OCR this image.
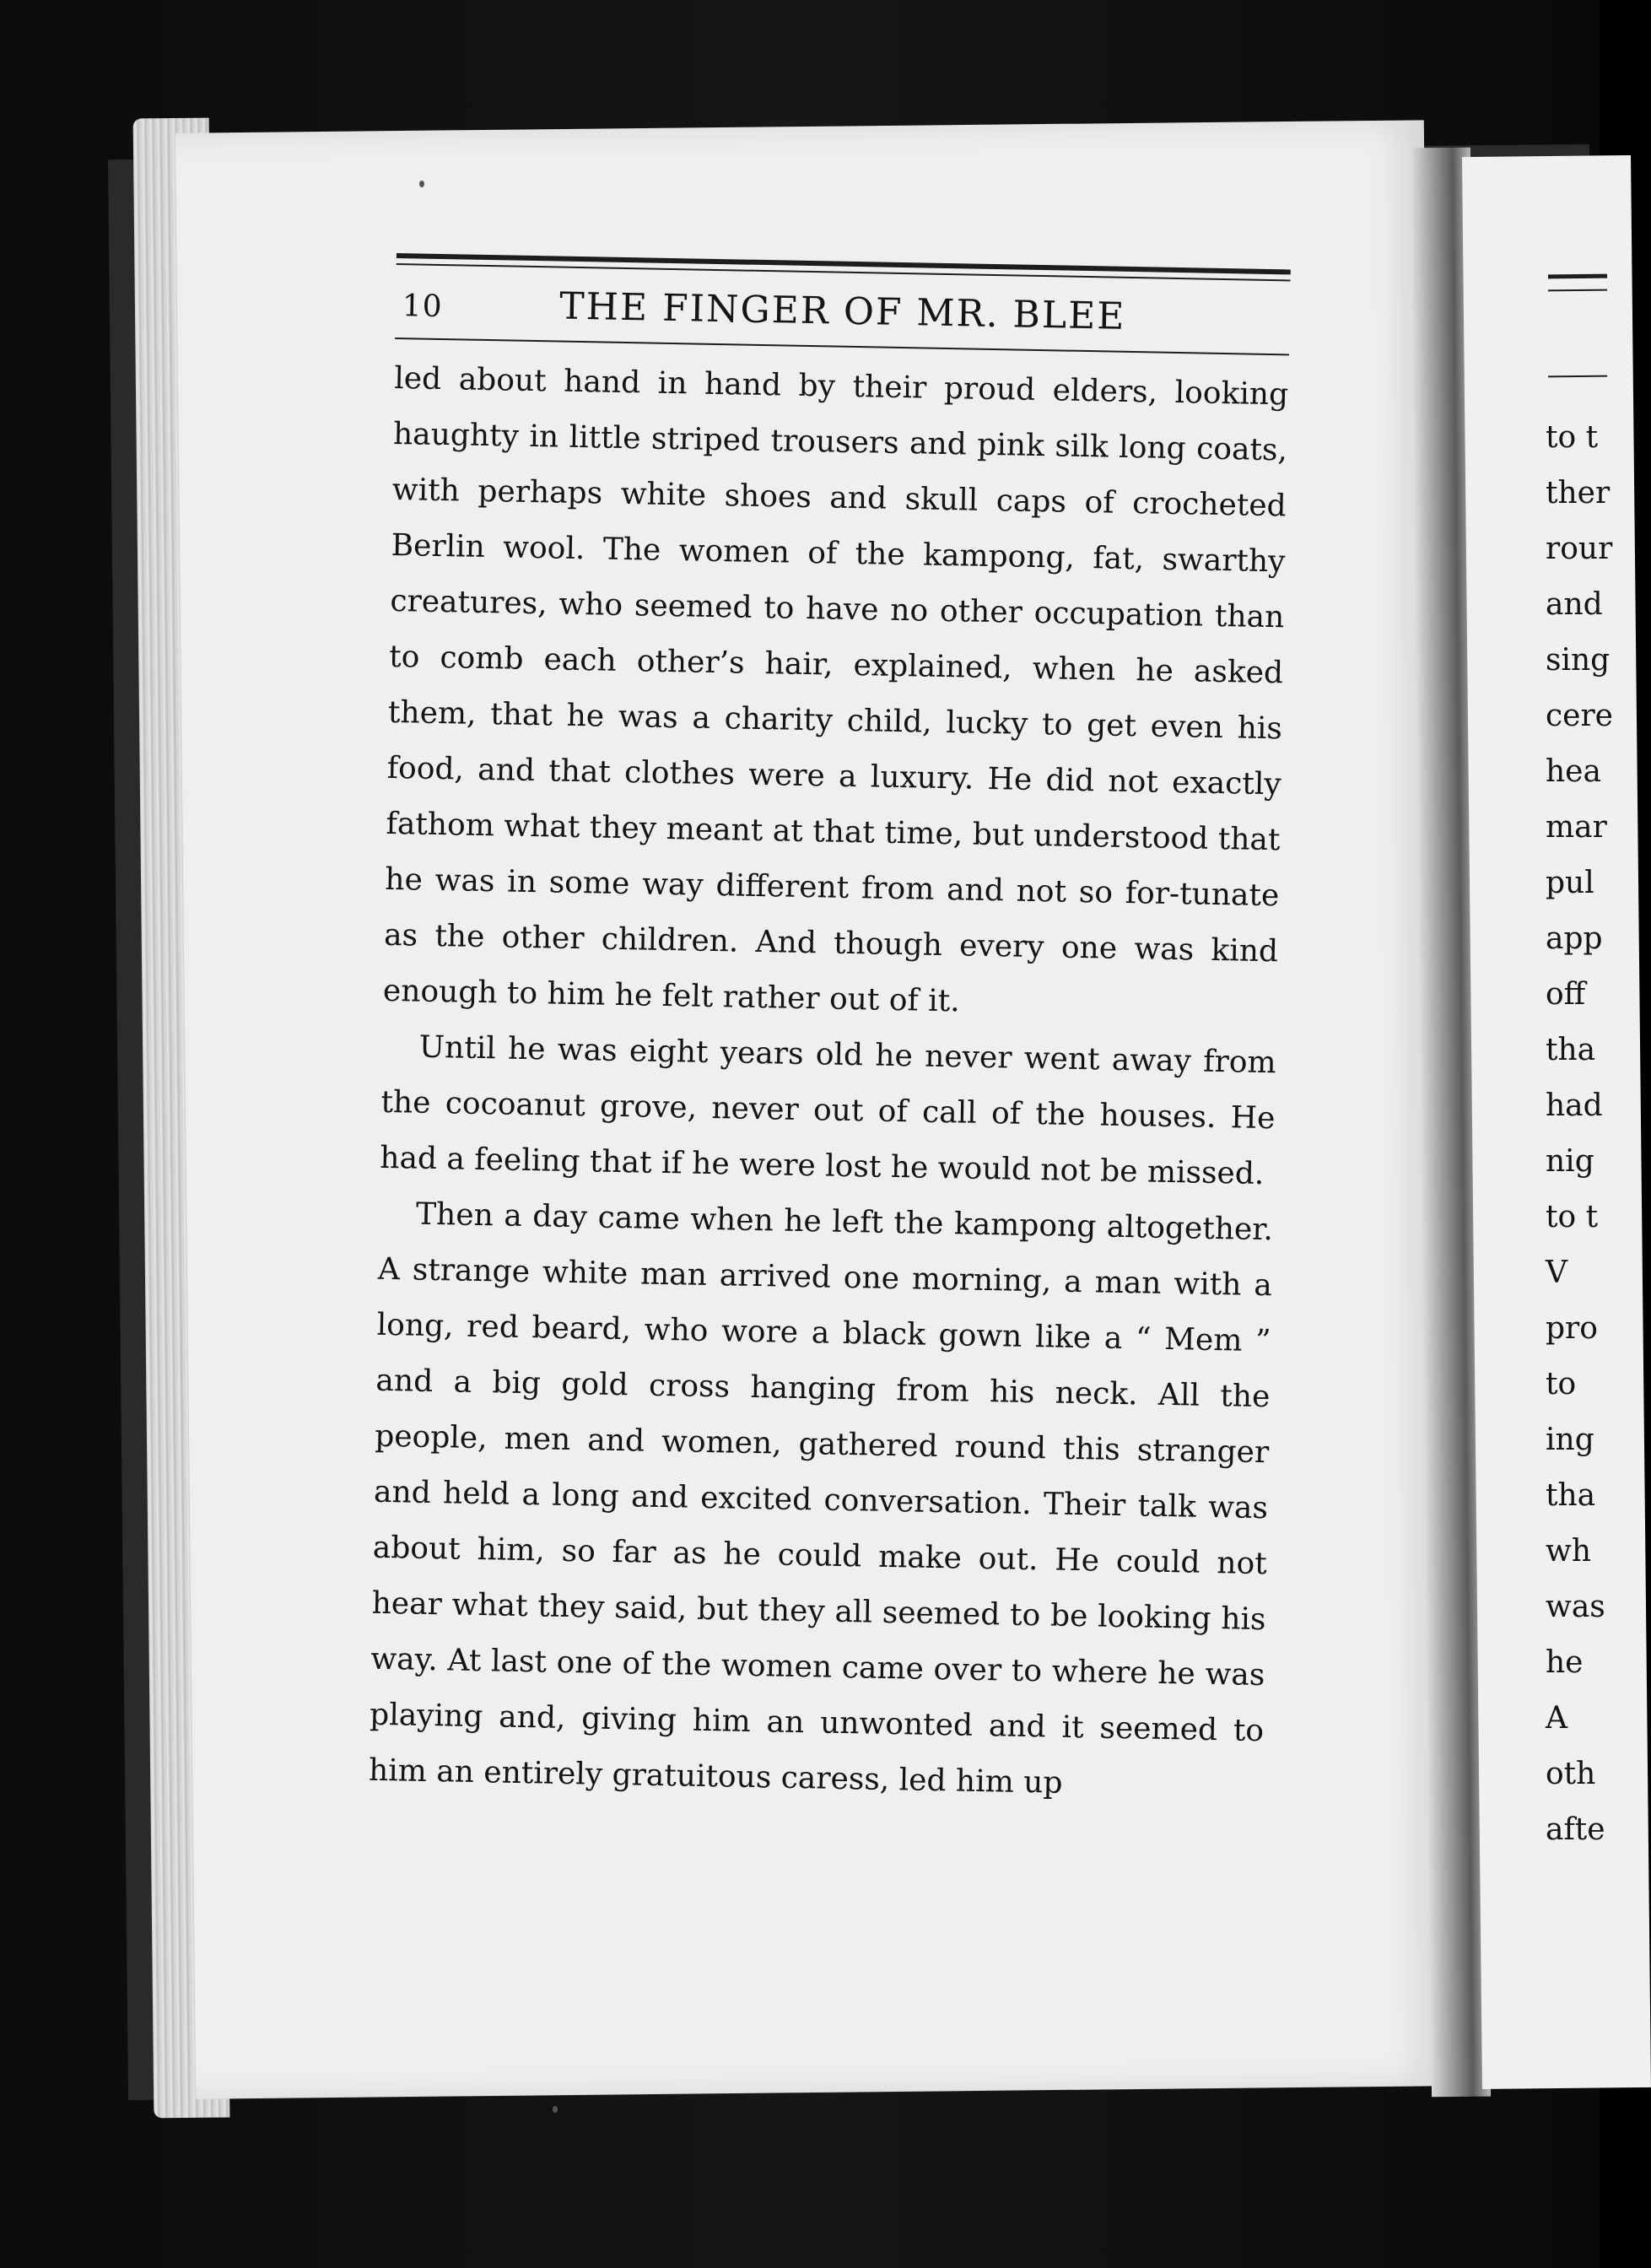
10	THE FINGER OF MR. BLEE

led about hand in hand by their proud elders, looking haughty in little striped trousers and pink silk long coats, with perhaps white shoes and skull caps of crocheted Berlin wool. The women of the kampong, fat, swarthy creatures, who seemed to have no other occupation than to comb each other’s hair, explained, when he asked them, that he was a charity child, lucky to get even his food, and that clothes were a luxury. He did not exactly fathom what they meant at that time, but understood that he was in some way different from and not so for-tunate as the other children. And though every one was kind enough to him he felt rather out of it.

Until he was eight years old he never went away from the cocoanut grove, never out of call of the houses. He had a feeling that if he were lost he would not be missed.

Then a day came when he left the kampong altogether. A strange white man arrived one morning, a man with a long, red beard, who wore a black gown like a “ Mem ” and a big gold cross hanging from his neck. All the people, men and women, gathered round this stranger and held a long and excited conversation. Their talk was about him, so far as he could make out. He could not hear what they said, but they all seemed to be looking his way. At last one of the women came over to where he was playing and, giving him an unwonted and it seemed to him an entirely gratuitous caress, led him up

to t
ther
rour
and
sing
cere
hea
mar
pul
app
off
tha
had
nig
to t
V
pro
to
ing
tha
wh
was
he
A
oth
afte
